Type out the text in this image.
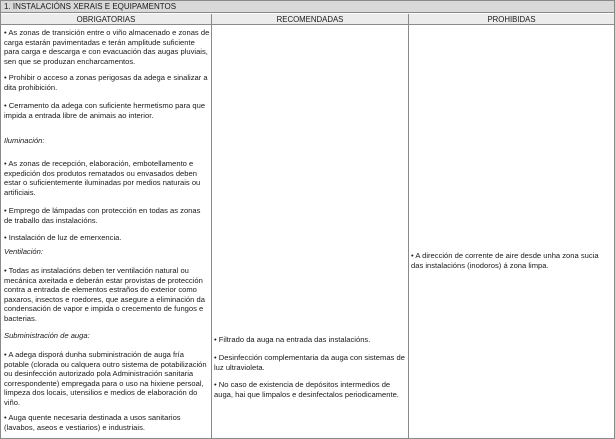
1. INSTALACIÓNS XERAIS E EQUIPAMENTOS
OBRIGATORIAS	RECOMENDADAS	PROHIBIDAS

• As zonas de transición entre o viño almacenado e zonas de carga estarán pavimentadas e terán amplitude suficiente para carga e descarga e con evacuación das augas pluviais, sen que se produzan encharcamentos.

• Prohibir o acceso a zonas perigosas da adega e sinalizar a dita prohibición.

• Cerramento da adega con suficiente hermetismo para que impida a entrada libre de animais ao interior.

Iluminación:

• As zonas de recepción, elaboración, embotellamento e expedición dos produtos rematados ou envasados deben estar o suficientemente iluminadas por medios naturais ou artificiais.

• Emprego de lámpadas con protección en todas as zonas de traballo das instalacións.

• Instalación de luz de emerxencia.

Ventilación:

• Todas as instalacións deben ter ventilación natural ou mecánica axeitada e deberán estar provistas de protección contra a entrada de elementos estraños do exterior como paxaros, insectos e roedores, que asegure a eliminación da condensación de vapor e impida o crecemento de fungos e bacterias.

Subministración de auga:

• A adega disporá dunha subministración de auga fría potable (clorada ou calquera outro sistema de potabilización ou desinfección autorizado pola Administración sanitaria correspondente) empregada para o uso na hixiene persoal, limpeza dos locais, utensilios e medios de elaboración do viño.

• Auga quente necesaria destinada a usos sanitarios (lavabos, aseos e vestiarios) e industriais.

• Filtrado da auga na entrada das instalacións.

• Desinfección complementaria da auga con sistemas de luz ultravioleta.

• No caso de existencia de depósitos intermedios de auga, hai que limpalos e desinfectalos periodicamente.

• A dirección de corrente de aire desde unha zona sucia das instalacións (inodoros) á zona limpa.
